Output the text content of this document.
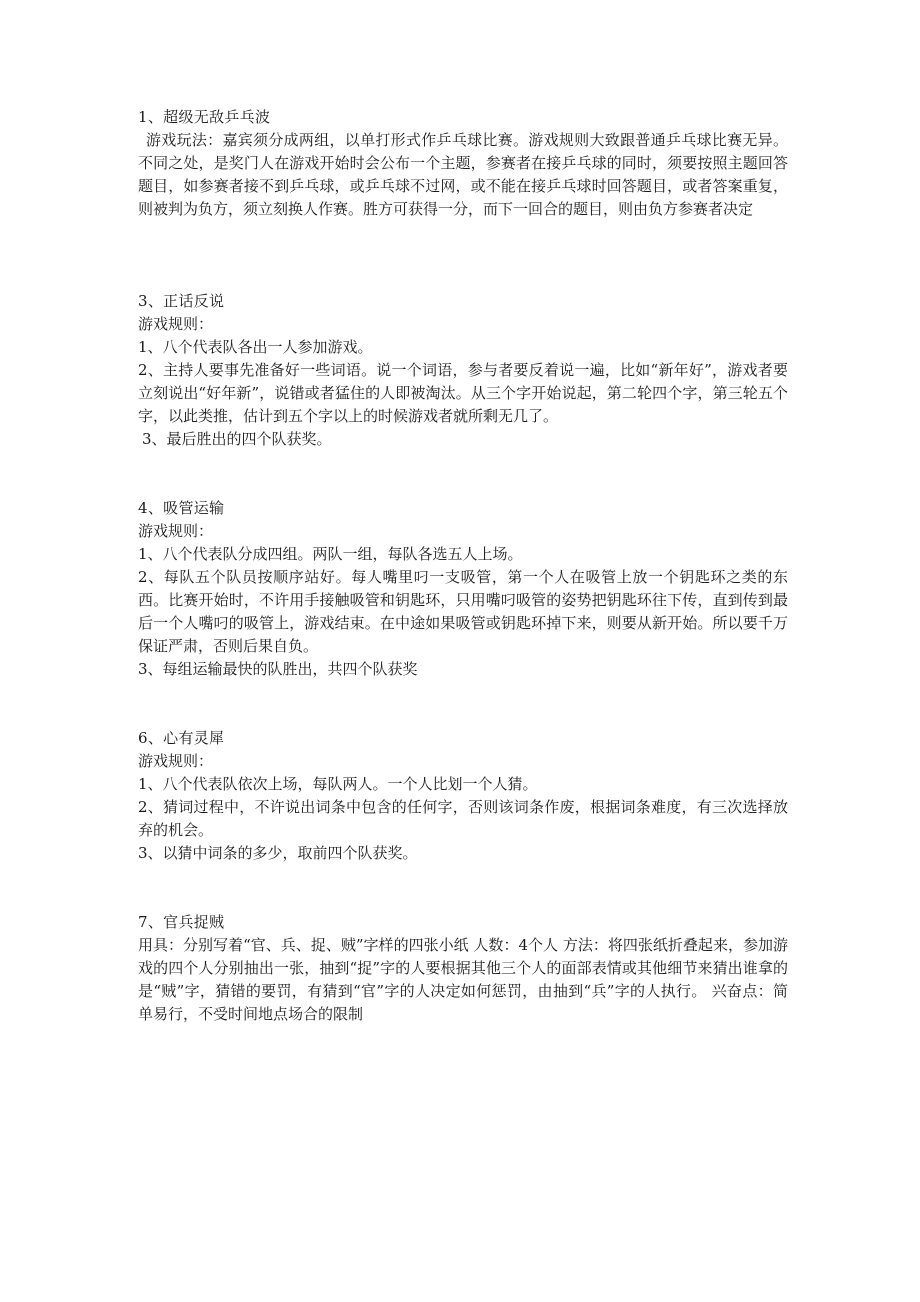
1、超级无敌乒乓波

游戏玩法：嘉宾须分成两组，以单打形式作乒乓球比赛。游戏规则大致跟普通乒乓球比赛无异。不同之处，是奖门人在游戏开始时会公布一个主题，参赛者在接乒乓球的同时，须要按照主题回答题目，如参赛者接不到乒乓球，或乒乓球不过网，或不能在接乒乓球时回答题目，或者答案重复，则被判为负方，须立刻换人作赛。胜方可获得一分，而下一回合的题目，则由负方参赛者决定

3、正话反说

游戏规则：

1、八个代表队各出一人参加游戏。

2、主持人要事先准备好一些词语。说一个词语，参与者要反着说一遍，比如“新年好”，游戏者要立刻说出“好年新”，说错或者猛住的人即被淘汰。从三个字开始说起，第二轮四个字，第三轮五个字，以此类推，估计到五个字以上的时候游戏者就所剩无几了。

3、最后胜出的四个队获奖。

4、吸管运输

游戏规则：

1、八个代表队分成四组。两队一组，每队各选五人上场。

2、每队五个队员按顺序站好。每人嘴里叼一支吸管，第一个人在吸管上放一个钥匙环之类的东西。比赛开始时，不许用手接触吸管和钥匙环，只用嘴叼吸管的姿势把钥匙环往下传，直到传到最后一个人嘴叼的吸管上，游戏结束。在中途如果吸管或钥匙环掉下来，则要从新开始。所以要千万保证严肃，否则后果自负。

3、每组运输最快的队胜出，共四个队获奖

6、心有灵犀

游戏规则：

1、八个代表队依次上场，每队两人。一个人比划一个人猜。

2、猜词过程中，不许说出词条中包含的任何字，否则该词条作废，根据词条难度，有三次选择放弃的机会。

3、以猜中词条的多少，取前四个队获奖。

7、官兵捉贼

用具：分别写着“官、兵、捉、贼”字样的四张小纸 人数：4个人 方法：将四张纸折叠起来，参加游戏的四个人分别抽出一张，抽到“捉”字的人要根据其他三个人的面部表情或其他细节来猜出谁拿的是“贼”字，猜错的要罚，有猜到“官”字的人决定如何惩罚，由抽到“兵”字的人执行。 兴奋点：简单易行，不受时间地点场合的限制
